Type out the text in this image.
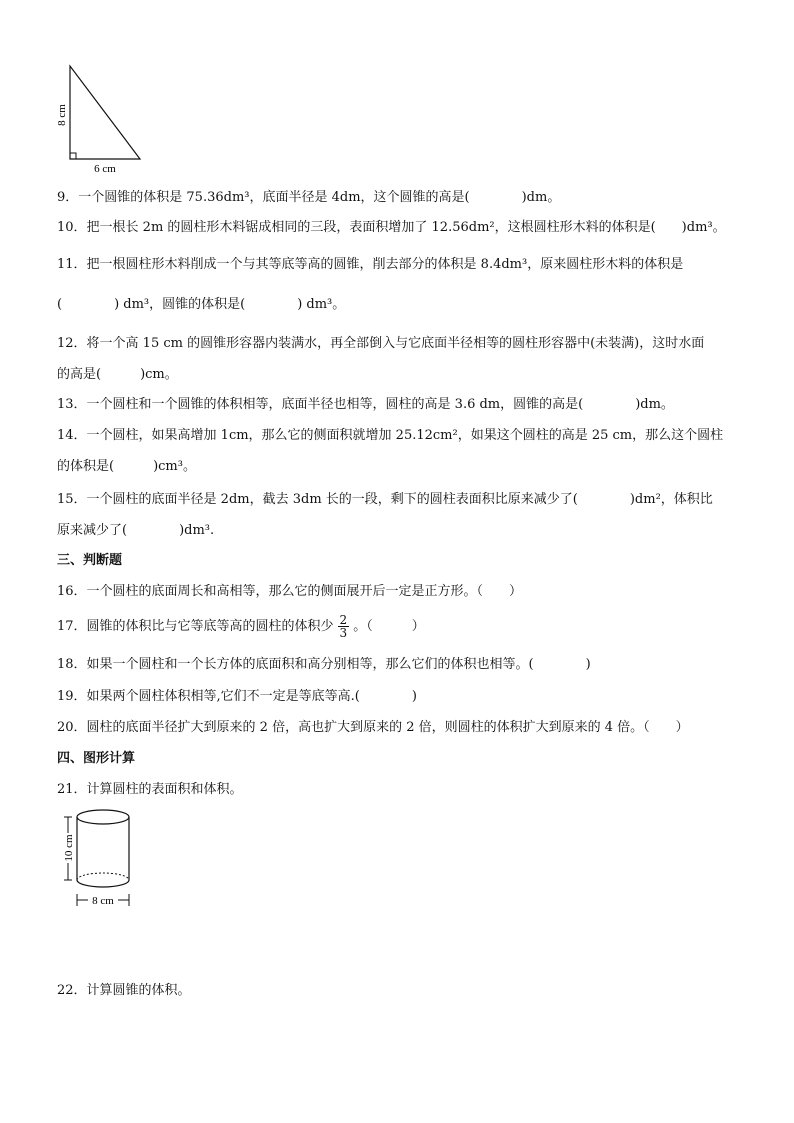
8 cm
6 cm
9．一个圆锥的体积是 75.36dm³，底面半径是 4dm，这个圆锥的高是(　　　　)dm。
10．把一根长 2m 的圆柱形木料锯成相同的三段，表面积增加了 12.56dm²，这根圆柱形木料的体积是(　　)dm³。
11．把一根圆柱形木料削成一个与其等底等高的圆锥，削去部分的体积是 8.4dm³，原来圆柱形木料的体积是
(　　　　) dm³，圆锥的体积是(　　　　) dm³。
12．将一个高 15 cm 的圆锥形容器内装满水，再全部倒入与它底面半径相等的圆柱形容器中(未装满)，这时水面
的高是(　　　)cm。
13．一个圆柱和一个圆锥的体积相等，底面半径也相等，圆柱的高是 3.6 dm，圆锥的高是(　　　　)dm。
14．一个圆柱，如果高增加 1cm，那么它的侧面积就增加 25.12cm²，如果这个圆柱的高是 25 cm，那么这个圆柱
的体积是(　　　)cm³。
15．一个圆柱的底面半径是 2dm，截去 3dm 长的一段，剩下的圆柱表面积比原来减少了(　　　　)dm²，体积比
原来减少了(　　　　)dm³.
三、判断题
16．一个圆柱的底面周长和高相等，那么它的侧面展开后一定是正方形。（　　）
17．圆锥的体积比与它等底等高的圆柱的体积少 $\frac{2}{3}$ 。（　　　）
18．如果一个圆柱和一个长方体的底面积和高分别相等，那么它们的体积也相等。(　　　　)
19．如果两个圆柱体积相等,它们不一定是等底等高.(　　　　)
20．圆柱的底面半径扩大到原来的 2 倍，高也扩大到原来的 2 倍，则圆柱的体积扩大到原来的 4 倍。（　　）
四、图形计算
21．计算圆柱的表面积和体积。
10 cm
8 cm
22．计算圆锥的体积。
